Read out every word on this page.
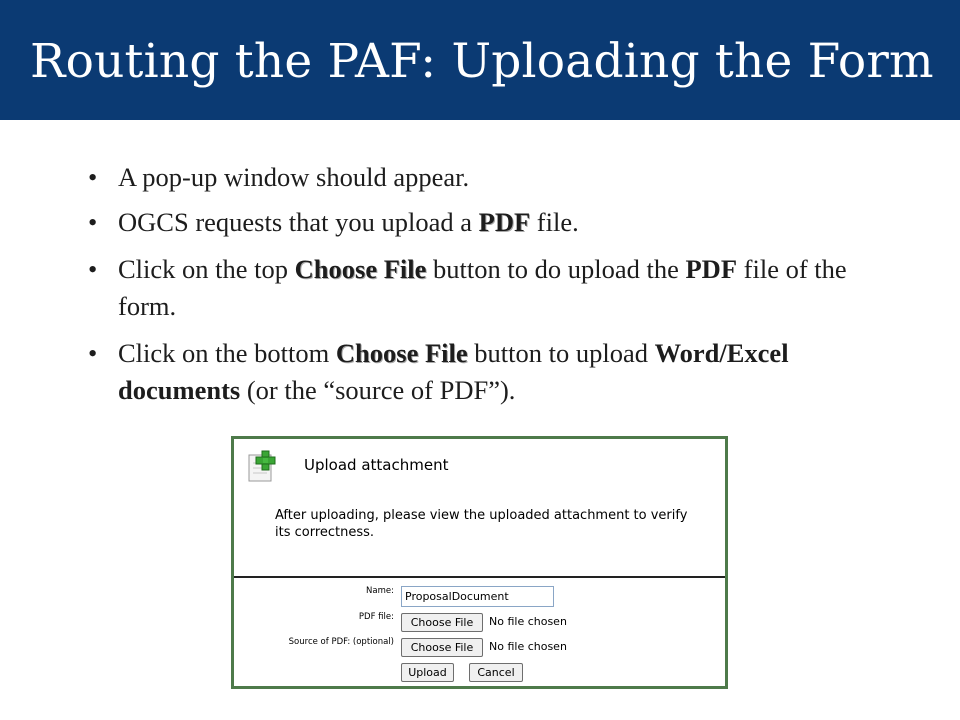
Routing the PAF: Uploading the Form
• A pop-up window should appear.
• OGCS requests that you upload a PDF file.
• Click on the top Choose File button to do upload the PDF file of the form.
• Click on the bottom Choose File button to upload Word/Excel documents (or the “source of PDF”).
Upload attachment
After uploading, please view the uploaded attachment to verify its correctness.
Name:
ProposalDocument
PDF file:	Choose File	No file chosen
Source of PDF: (optional)	Choose File	No file chosen
Upload	Cancel
